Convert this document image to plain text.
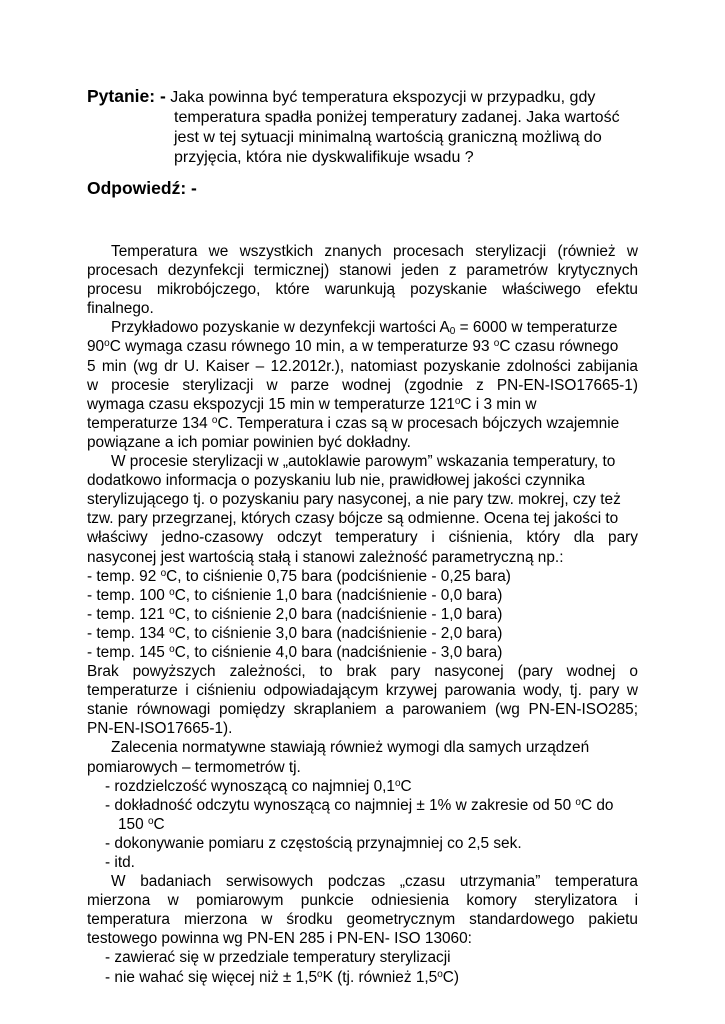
Pytanie: - Jaka powinna być temperatura ekspozycji w przypadku, gdy
temperatura spadła poniżej temperatury zadanej. Jaka wartość
jest w tej sytuacji minimalną wartością graniczną możliwą do
przyjęcia, która nie dyskwalifikuje wsadu ?
Odpowiedź: -
Temperatura we wszystkich znanych procesach sterylizacji (również w
procesach dezynfekcji termicznej) stanowi jeden z parametrów krytycznych
procesu mikrobójczego, które warunkują pozyskanie właściwego efektu
finalnego.
Przykładowo pozyskanie w dezynfekcji wartości $A_0 = 6000$ w temperaturze
90$^o$C wymaga czasu równego 10 min, a w temperaturze 93 $^o$C czasu równego
5 min (wg dr U. Kaiser – 12.2012r.), natomiast pozyskanie zdolności zabijania
w procesie sterylizacji w parze wodnej (zgodnie z PN-EN-ISO17665-1)
wymaga czasu ekspozycji 15 min w temperaturze 121$^o$C i 3 min w
temperaturze 134 $^o$C. Temperatura i czas są w procesach bójczych wzajemnie
powiązane a ich pomiar powinien być dokładny.
W procesie sterylizacji w „autoklawie parowym” wskazania temperatury, to
dodatkowo informacja o pozyskaniu lub nie, prawidłowej jakości czynnika
sterylizującego tj. o pozyskaniu pary nasyconej, a nie pary tzw. mokrej, czy też
tzw. pary przegrzanej, których czasy bójcze są odmienne. Ocena tej jakości to
właściwy jedno-czasowy odczyt temperatury i ciśnienia, który dla pary
nasyconej jest wartością stałą i stanowi zależność parametryczną np.:
- temp. 92 $^o$C, to ciśnienie 0,75 bara (podciśnienie - 0,25 bara)
- temp. 100 $^o$C, to ciśnienie 1,0 bara (nadciśnienie - 0,0 bara)
- temp. 121 $^o$C, to ciśnienie 2,0 bara (nadciśnienie - 1,0 bara)
- temp. 134 $^o$C, to ciśnienie 3,0 bara (nadciśnienie - 2,0 bara)
- temp. 145 $^o$C, to ciśnienie 4,0 bara (nadciśnienie - 3,0 bara)
Brak powyższych zależności, to brak pary nasyconej (pary wodnej o
temperaturze i ciśnieniu odpowiadającym krzywej parowania wody, tj. pary w
stanie równowagi pomiędzy skraplaniem a parowaniem (wg PN-EN-ISO285;
PN-EN-ISO17665-1).
Zalecenia normatywne stawiają również wymogi dla samych urządzeń
pomiarowych – termometrów tj.
- rozdzielczość wynoszącą co najmniej 0,1$^o$C
- dokładność odczytu wynoszącą co najmniej ± 1% w zakresie od 50 $^o$C do
150 $^o$C
- dokonywanie pomiaru z częstością przynajmniej co 2,5 sek.
- itd.
W badaniach serwisowych podczas „czasu utrzymania” temperatura
mierzona w pomiarowym punkcie odniesienia komory sterylizatora i
temperatura mierzona w środku geometrycznym standardowego pakietu
testowego powinna wg PN-EN 285 i PN-EN- ISO 13060:
- zawierać się w przedziale temperatury sterylizacji
- nie wahać się więcej niż ± $1,5^oK$ (tj. również 1,5$^o$C)
